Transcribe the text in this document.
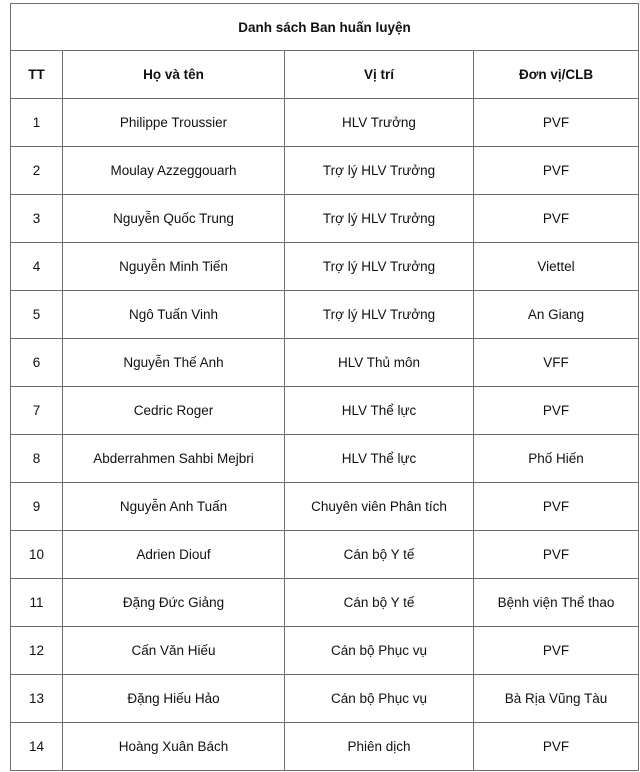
Danh sách Ban huấn luyện			
TT	Họ và tên	Vị trí	Đơn vị/CLB
1	Philippe Troussier	HLV Trưởng	PVF
2	Moulay Azzeggouarh	Trợ lý HLV Trưởng	PVF
3	Nguyễn Quốc Trung	Trợ lý HLV Trưởng	PVF
4	Nguyễn Minh Tiến	Trợ lý HLV Trưởng	Viettel
5	Ngô Tuấn Vinh	Trợ lý HLV Trưởng	An Giang
6	Nguyễn Thế Anh	HLV Thủ môn	VFF
7	Cedric Roger	HLV Thể lực	PVF
8	Abderrahmen Sahbi Mejbri	HLV Thể lực	Phố Hiến
9	Nguyễn Anh Tuấn	Chuyên viên Phân tích	PVF
10	Adrien Diouf	Cán bộ Y tế	PVF
11	Đặng Đức Giảng	Cán bộ Y tế	Bệnh viện Thể thao
12	Cấn Văn Hiếu	Cán bộ Phục vụ	PVF
13	Đặng Hiếu Hảo	Cán bộ Phục vụ	Bà Rịa Vũng Tàu
14	Hoàng Xuân Bách	Phiên dịch	PVF
